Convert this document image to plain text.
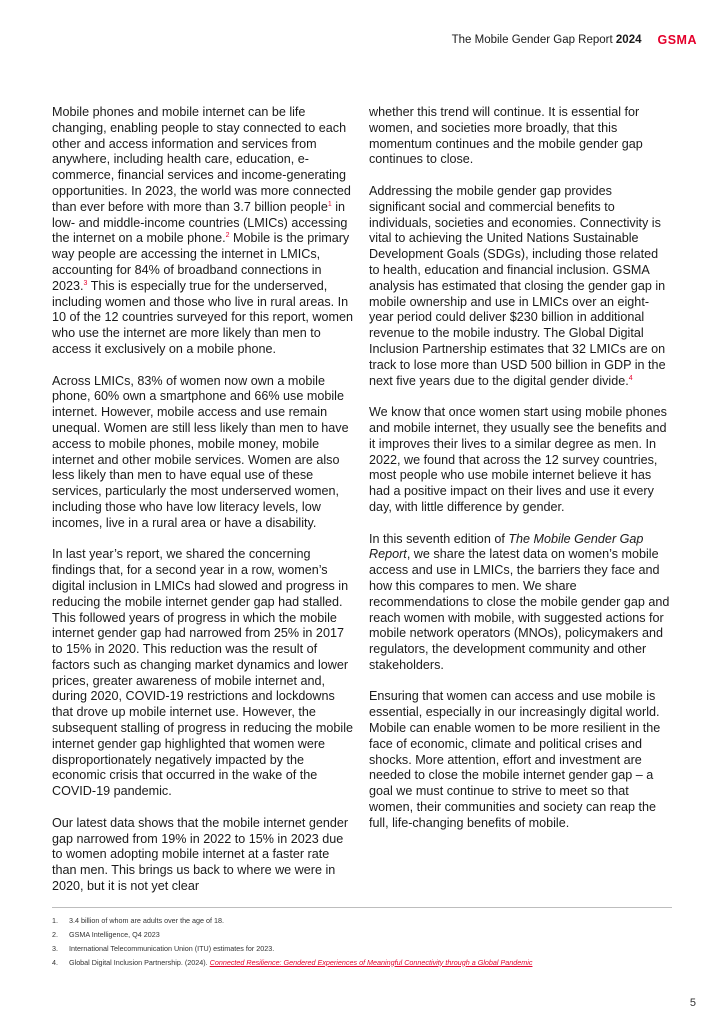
The Mobile Gender Gap Report 2024 GSMA

Mobile phones and mobile internet can be life changing, enabling people to stay connected to each other and access information and services from anywhere, including health care, education, e-commerce, financial services and income-generating opportunities. In 2023, the world was more connected than ever before with more than 3.7 billion people$^1$ in low- and middle-income countries (LMICs) accessing the internet on a mobile phone.$^2$ Mobile is the primary way people are accessing the internet in LMICs, accounting for 84% of broadband connections in 2023.$^3$ This is especially true for the underserved, including women and those who live in rural areas. In 10 of the 12 countries surveyed for this report, women who use the internet are more likely than men to access it exclusively on a mobile phone.

Across LMICs, 83% of women now own a mobile phone, 60% own a smartphone and 66% use mobile internet. However, mobile access and use remain unequal. Women are still less likely than men to have access to mobile phones, mobile money, mobile internet and other mobile services. Women are also less likely than men to have equal use of these services, particularly the most underserved women, including those who have low literacy levels, low incomes, live in a rural area or have a disability.

In last year’s report, we shared the concerning findings that, for a second year in a row, women’s digital inclusion in LMICs had slowed and progress in reducing the mobile internet gender gap had stalled. This followed years of progress in which the mobile internet gender gap had narrowed from 25% in 2017 to 15% in 2020. This reduction was the result of factors such as changing market dynamics and lower prices, greater awareness of mobile internet and, during 2020, COVID-19 restrictions and lockdowns that drove up mobile internet use. However, the subsequent stalling of progress in reducing the mobile internet gender gap highlighted that women were disproportionately negatively impacted by the economic crisis that occurred in the wake of the COVID-19 pandemic.

Our latest data shows that the mobile internet gender gap narrowed from 19% in 2022 to 15% in 2023 due to women adopting mobile internet at a faster rate than men. This brings us back to where we were in 2020, but it is not yet clear

whether this trend will continue. It is essential for women, and societies more broadly, that this momentum continues and the mobile gender gap continues to close.

Addressing the mobile gender gap provides significant social and commercial benefits to individuals, societies and economies. Connectivity is vital to achieving the United Nations Sustainable Development Goals (SDGs), including those related to health, education and financial inclusion. GSMA analysis has estimated that closing the gender gap in mobile ownership and use in LMICs over an eight-year period could deliver $230 billion in additional revenue to the mobile industry. The Global Digital Inclusion Partnership estimates that 32 LMICs are on track to lose more than USD 500 billion in GDP in the next five years due to the digital gender divide.$^4$

We know that once women start using mobile phones and mobile internet, they usually see the benefits and it improves their lives to a similar degree as men. In 2022, we found that across the 12 survey countries, most people who use mobile internet believe it has had a positive impact on their lives and use it every day, with little difference by gender.

In this seventh edition of The Mobile Gender Gap Report, we share the latest data on women’s mobile access and use in LMICs, the barriers they face and how this compares to men. We share recommendations to close the mobile gender gap and reach women with mobile, with suggested actions for mobile network operators (MNOs), policymakers and regulators, the development community and other stakeholders.

Ensuring that women can access and use mobile is essential, especially in our increasingly digital world. Mobile can enable women to be more resilient in the face of economic, climate and political crises and shocks. More attention, effort and investment are needed to close the mobile internet gender gap – a goal we must continue to strive to meet so that women, their communities and society can reap the full, life-changing benefits of mobile.

1.	3.4 billion of whom are adults over the age of 18.
2.	GSMA Intelligence, Q4 2023
3.	International Telecommunication Union (ITU) estimates for 2023.
4.	Global Digital Inclusion Partnership. (2024).
Connected Resilience: Gendered Experiences of Meaningful Connectivity through a Global Pandemic
5
